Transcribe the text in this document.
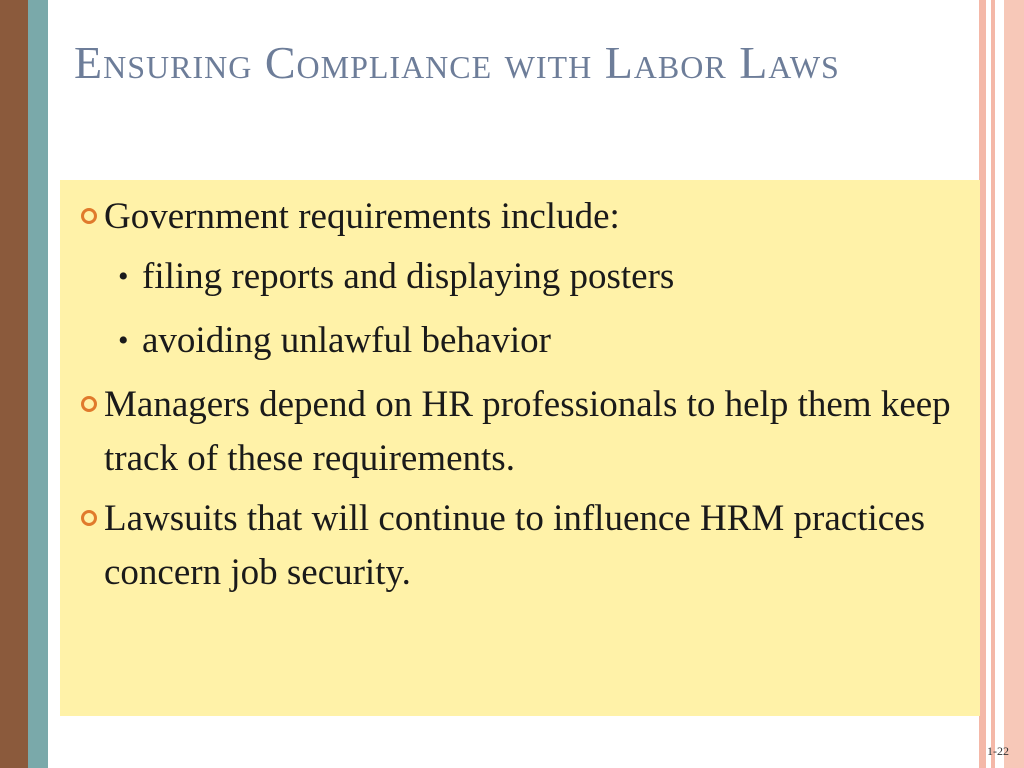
Ensuring Compliance with Labor Laws
Government requirements include:
• filing reports and displaying posters
• avoiding unlawful behavior
Managers depend on HR professionals to help them keep track of these requirements.
Lawsuits that will continue to influence HRM practices concern job security.
1-22
